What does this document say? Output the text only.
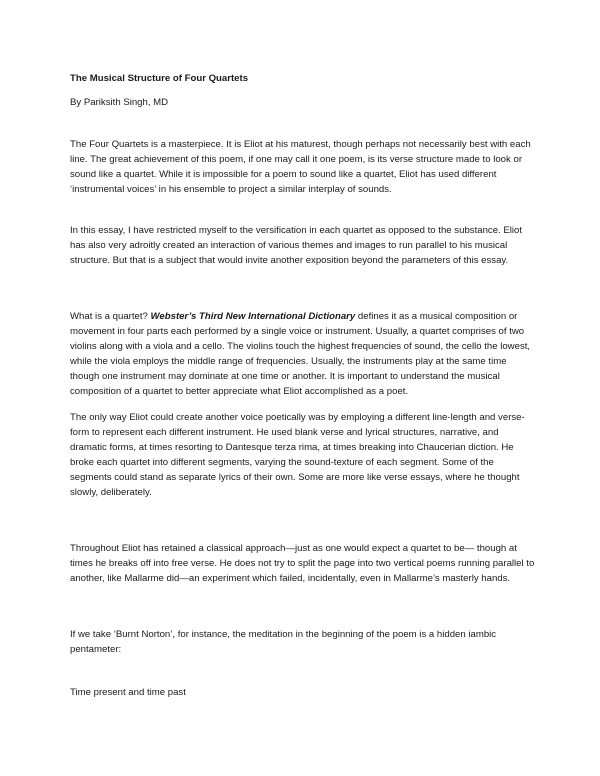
The Musical Structure of Four Quartets

By Pariksith Singh, MD

The Four Quartets is a masterpiece. It is Eliot at his maturest, though perhaps not necessarily best with each line. The great achievement of this poem, if one may call it one poem, is its verse structure made to look or sound like a quartet. While it is impossible for a poem to sound like a quartet, Eliot has used different ‘instrumental voices’ in his ensemble to project a similar interplay of sounds.

In this essay, I have restricted myself to the versification in each quartet as opposed to the substance. Eliot has also very adroitly created an interaction of various themes and images to run parallel to his musical structure. But that is a subject that would invite another exposition beyond the parameters of this essay.

What is a quartet? Webster’s Third New International Dictionary defines it as a musical composition or movement in four parts each performed by a single voice or instrument. Usually, a quartet comprises of two violins along with a viola and a cello. The violins touch the highest frequencies of sound, the cello the lowest, while the viola employs the middle range of frequencies. Usually, the instruments play at the same time though one instrument may dominate at one time or another. It is important to understand the musical composition of a quartet to better appreciate what Eliot accomplished as a poet.

The only way Eliot could create another voice poetically was by employing a different line-length and verse-form to represent each different instrument. He used blank verse and lyrical structures, narrative, and dramatic forms, at times resorting to Dantesque terza rima, at times breaking into Chaucerian diction. He broke each quartet into different segments, varying the sound-texture of each segment. Some of the segments could stand as separate lyrics of their own. Some are more like verse essays, where he thought slowly, deliberately.

Throughout Eliot has retained a classical approach—just as one would expect a quartet to be— though at times he breaks off into free verse. He does not try to split the page into two vertical poems running parallel to another, like Mallarme did—an experiment which failed, incidentally, even in Mallarme’s masterly hands.

If we take ‘Burnt Norton’, for instance, the meditation in the beginning of the poem is a hidden iambic pentameter:

Time present and time past
